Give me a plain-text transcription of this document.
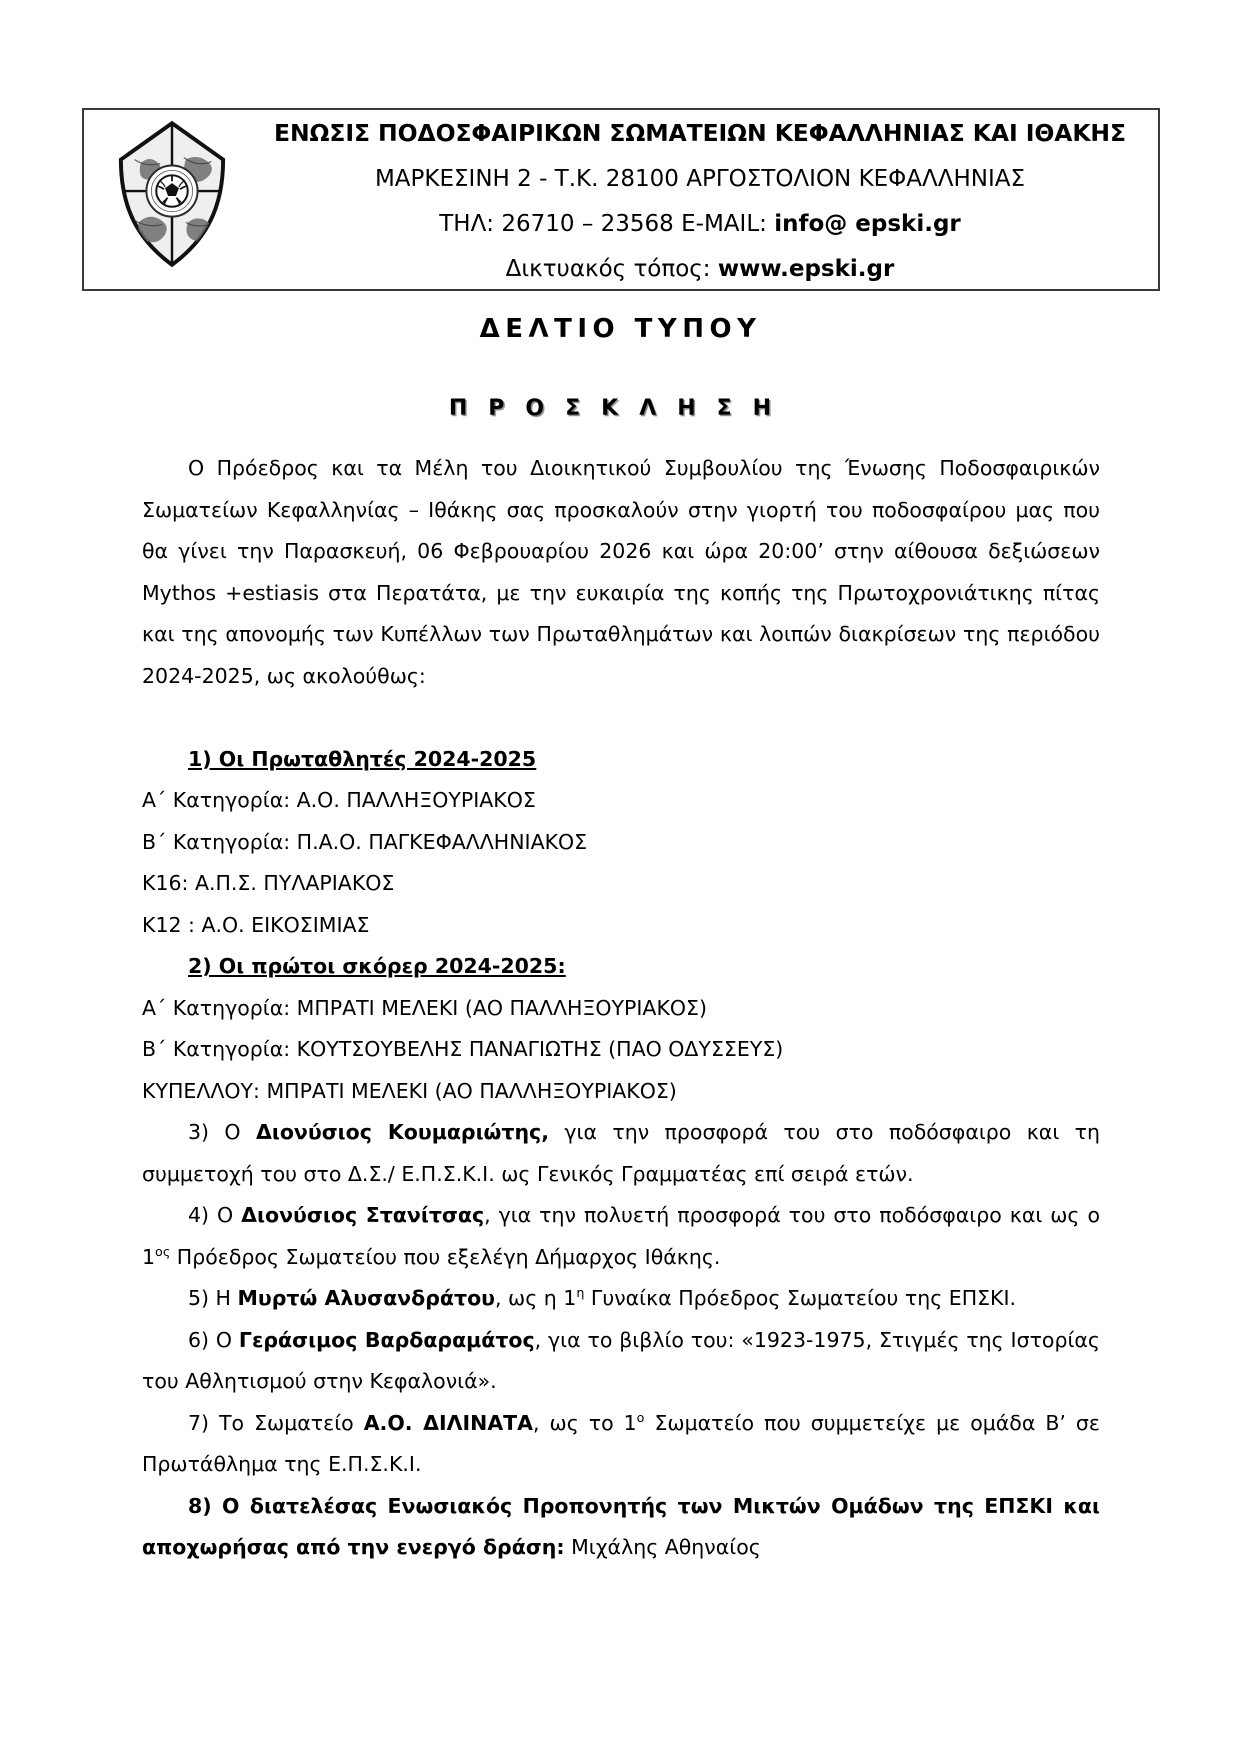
ΕΝΩΣΙΣ ΠΟΔΟΣΦΑΙΡΙΚΩΝ ΣΩΜΑΤΕΙΩΝ ΚΕΦΑΛΛΗΝΙΑΣ ΚΑΙ ΙΘΑΚΗΣ
ΜΑΡΚΕΣΙΝΗ 2 - Τ.Κ. 28100 ΑΡΓΟΣΤΟΛΙΟΝ ΚΕΦΑΛΛΗΝΙΑΣ
ΤΗΛ: 26710 – 23568 E-MAIL: info@ epski.gr
Δικτυακός τόπος: www.epski.gr
ΔΕΛΤΙΟ ΤΥΠΟΥ
ΠΡΟΣΚΛΗΣΗ

Ο Πρόεδρος και τα Μέλη του Διοικητικού Συμβουλίου της Ένωσης Ποδοσφαιρικών Σωματείων Κεφαλληνίας – Ιθάκης σας προσκαλούν στην γιορτή του ποδοσφαίρου μας που θα γίνει την Παρασκευή, 06 Φεβρουαρίου 2026 και ώρα 20:00’ στην αίθουσα δεξιώσεων Mythos +estiasis στα Περατάτα, με την ευκαιρία της κοπής της Πρωτοχρονιάτικης πίτας και της απονομής των Κυπέλλων των Πρωταθλημάτων και λοιπών διακρίσεων της περιόδου 2024-2025, ως ακολούθως:

1) Οι Πρωταθλητές 2024-2025

Α΄ Κατηγορία: Α.Ο. ΠΑΛΛΗΞΟΥΡΙΑΚΟΣ

Β΄ Κατηγορία: Π.Α.Ο. ΠΑΓΚΕΦΑΛΛΗΝΙΑΚΟΣ

Κ16: Α.Π.Σ. ΠΥΛΑΡΙΑΚΟΣ

Κ12 : Α.Ο. ΕΙΚΟΣΙΜΙΑΣ

2) Οι πρώτοι σκόρερ 2024-2025:

Α΄ Κατηγορία: ΜΠΡΑΤΙ ΜΕΛΕΚΙ (ΑΟ ΠΑΛΛΗΞΟΥΡΙΑΚΟΣ)

Β΄ Κατηγορία: ΚΟΥΤΣΟΥΒΕΛΗΣ ΠΑΝΑΓΙΩΤΗΣ (ΠΑΟ ΟΔΥΣΣΕΥΣ)

ΚΥΠΕΛΛΟΥ: ΜΠΡΑΤΙ ΜΕΛΕΚΙ (ΑΟ ΠΑΛΛΗΞΟΥΡΙΑΚΟΣ)

3) Ο Διονύσιος Κουμαριώτης, για την προσφορά του στο ποδόσφαιρο και τη συμμετοχή του στο Δ.Σ./ Ε.Π.Σ.Κ.Ι. ως Γενικός Γραμματέας επί σειρά ετών.

4) Ο Διονύσιος Στανίτσας, για την πολυετή προσφορά του στο ποδόσφαιρο και ως ο $1^{o\varsigma}$ Πρόεδρος Σωματείου που εξελέγη Δήμαρχος Ιθάκης.

5) Η Μυρτώ Αλυσανδράτου, ως η $1^\eta$ Γυναίκα Πρόεδρος Σωματείου της ΕΠΣΚΙ.

6) Ο Γεράσιμος Βαρδαραμάτος, για το βιβλίο του: «1923-1975, Στιγμές της Ιστορίας του Αθλητισμού στην Κεφαλονιά».

7) Το Σωματείο Α.Ο. ΔΙΛΙΝΑΤΑ, ως το $1^o$ Σωματείο που συμμετείχε με ομάδα Β’ σε Πρωτάθλημα της Ε.Π.Σ.Κ.Ι.

8) Ο διατελέσας Ενωσιακός Προπονητής των Μικτών Ομάδων της ΕΠΣΚΙ και αποχωρήσας από την ενεργό δράση: Μιχάλης Αθηναίος
